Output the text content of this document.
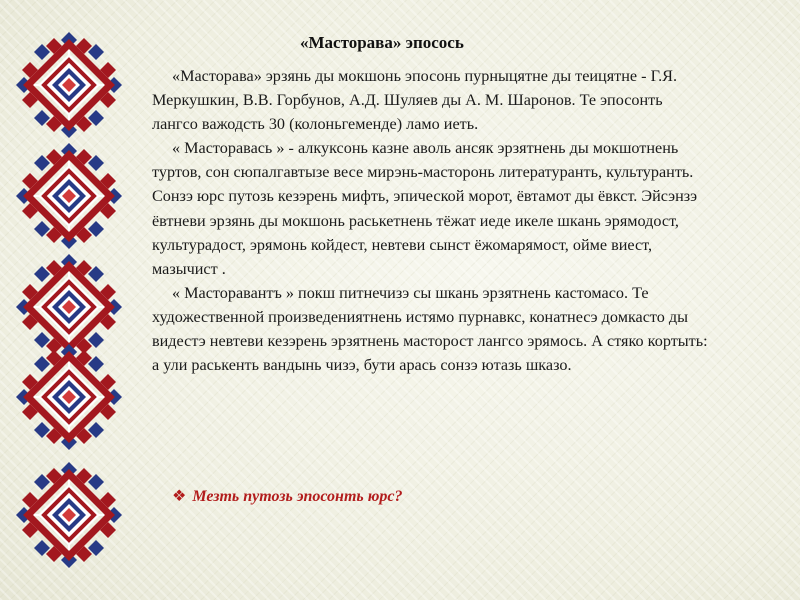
«Масторава» эпосось

«Масторава» эрзянь ды мокшонь эпосонь пурныцятне ды теицятне - Г.Я. Меркушкин, В.В. Горбунов, А.Д. Шуляев ды А. М. Шаронов. Те эпосонть лангсо важодсть 30 (колоньгеменде) ламо иеть.

« Масторавась » - алкуксонь казне аволь ансяк эрзятнень ды мокшотнень туртов, сон сюпалгавтызе весе мирэнь-масторонь литературанть, культуранть. Сонзэ юрс путозь кезэрень мифть, эпической морот, ёвтамот ды ёвкст. Эйсэнзэ ёвтневи эрзянь ды мокшонь раськетнень тёжат иеде икеле шкань эрямодост, культурадост, эрямонь койдест, невтеви сынст ёжомарямост, ойме виест, мазычист .

« Масторавантъ » покш питнечизэ сы шкань эрзятнень кастомасо. Те художественной произведениятнень истямо пурнавкс, конатнесэ домкасто ды видестэ невтеви кезэрень эрзятнень масторост лангсо эрямось. А стяко кортыть: а ули раськенть вандынь чизэ, бути арась сонзэ ютазь шказо.

❖ Мезть путозь эпосонть юрс?
